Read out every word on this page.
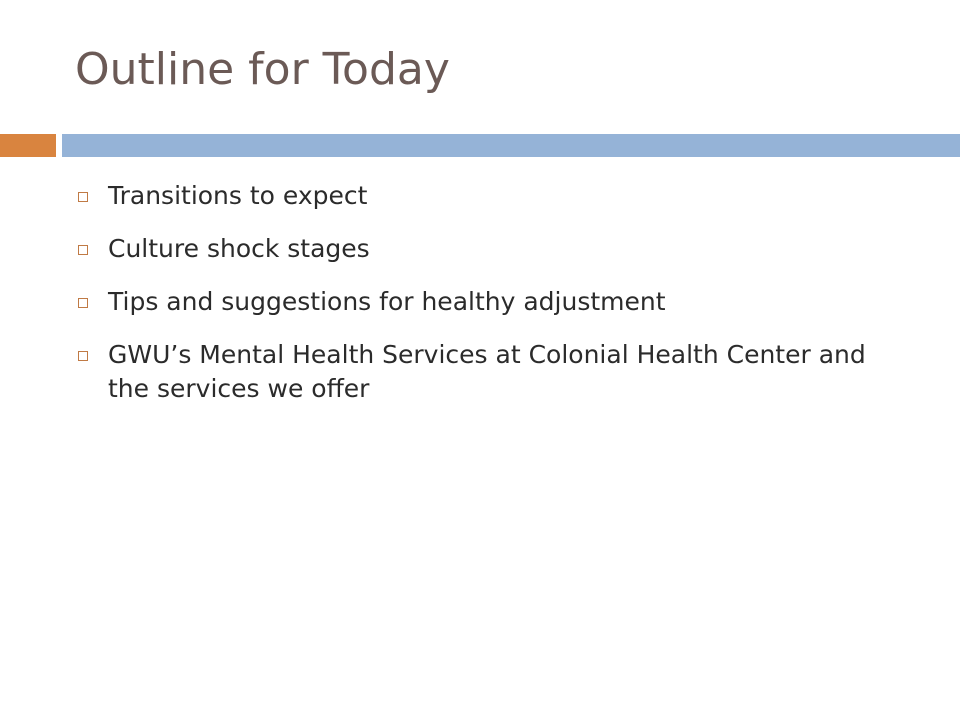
Outline for Today
Transitions to expect
Culture shock stages
Tips and suggestions for healthy adjustment
GWU’s Mental Health Services at Colonial Health Center and the services we offer
